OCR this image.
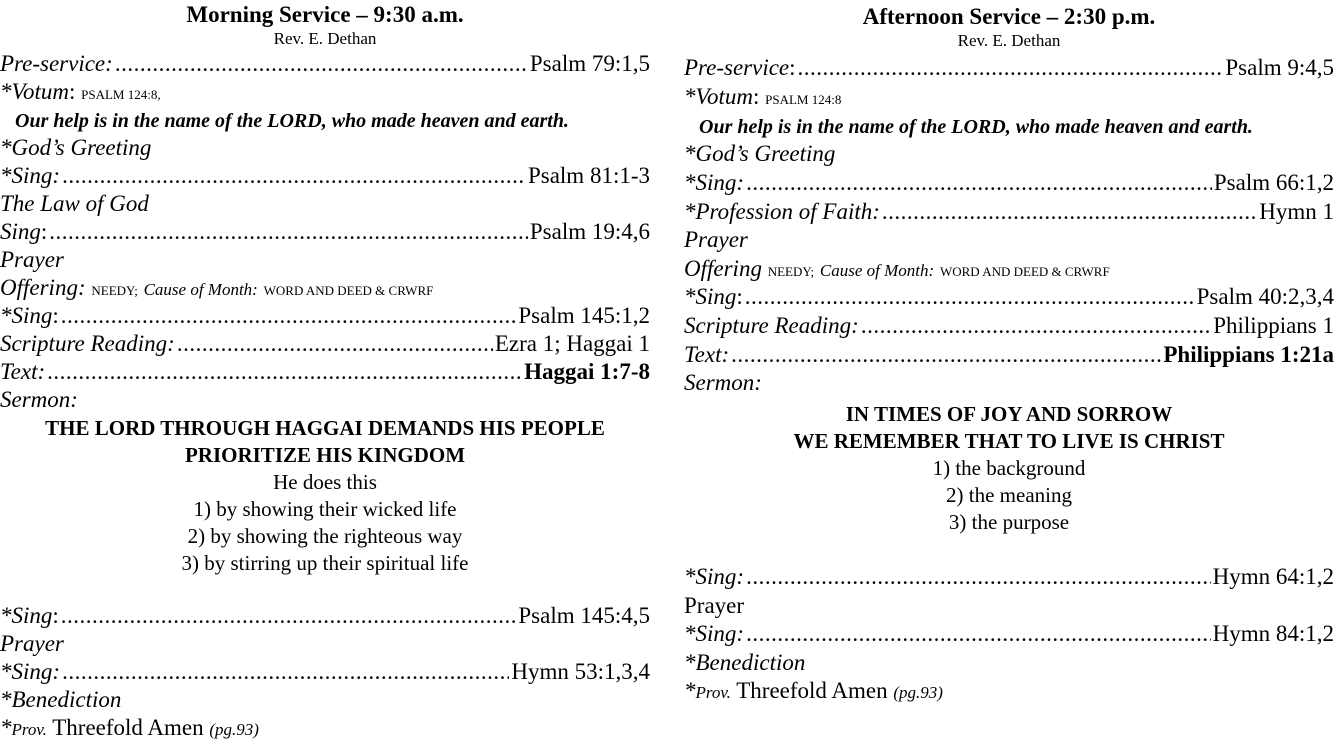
Morning Service – 9:30 a.m.
Rev. E. Dethan
Pre-service: .....	Psalm 79:1,5
*Votum: PSALM 124:8,
Our help is in the name of the LORD, who made heaven and earth.
*God’s Greeting
*Sing: .....	Psalm 81:1-3
The Law of God
Sing : .....	Psalm 19:4,6
Prayer
Offering: NEEDY; Cause of Month: WORD AND DEED & CRWRF
*Sing : .....	Psalm 145:1,2
Scripture Reading: .....	Ezra 1; Haggai 1
Text: .....	Haggai 1:7-8
Sermon:
THE LORD THROUGH HAGGAI DEMANDS HIS PEOPLE
PRIORITIZE HIS KINGDOM
He does this
1) by showing their wicked life
2) by showing the righteous way
3) by stirring up their spiritual life
*Sing : .....	Psalm 145:4,5
Prayer
*Sing: .....	Hymn 53:1,3,4
*Benediction
*Prov. Threefold Amen (pg.93)
Afternoon Service – 2:30 p.m.
Rev. E. Dethan
Pre-service : .....	Psalm 9:4,5
*Votum: PSALM 124:8
Our help is in the name of the LORD, who made heaven and earth.
*God’s Greeting
*Sing: .....	Psalm 66:1,2
*Profession of Faith: .....	Hymn 1
Prayer
Offering NEEDY; Cause of Month: WORD AND DEED & CRWRF
*Sing : .....	Psalm 40:2,3,4
Scripture Reading: .....	Philippians 1
Text: .....	Philippians 1:21a
Sermon:
IN TIMES OF JOY AND SORROW
WE REMEMBER THAT TO LIVE IS CHRIST
1) the background
2) the meaning
3) the purpose
*Sing: .....	Hymn 64:1,2
Prayer
*Sing: .....	Hymn 84:1,2
*Benediction
*Prov. Threefold Amen (pg.93)
